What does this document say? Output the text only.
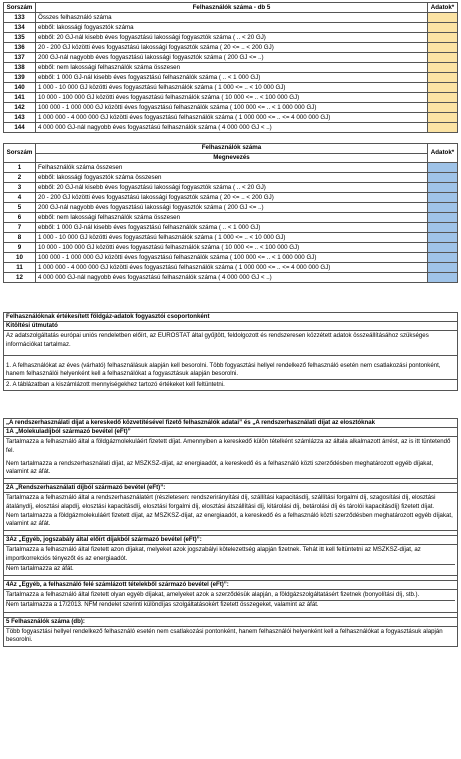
Sorszám	Felhasználók száma - db 5	Adatok*
133	Összes felhasználó száma	
134	ebből: lakossági fogyasztók száma	
135	ebből: 20 GJ-nál kisebb éves fogyasztású lakossági fogyasztók száma ( .. < 20 GJ)	
136	20 - 200 GJ közötti éves fogyasztású lakossági fogyasztók száma ( 20 <= .. < 200 GJ)	
137	200 GJ-nál nagyobb éves fogyasztású lakossági fogyasztók száma ( 200 GJ <= ..)	
138	ebből: nem lakossági felhasználók száma összesen	
139	ebből: 1 000 GJ-nál kisebb éves fogyasztású felhasználók száma ( .. < 1 000 GJ)	
140	1 000 - 10 000 GJ közötti éves fogyasztású felhasználók száma ( 1 000 <= .. < 10 000 GJ)	
141	10 000 - 100 000 GJ közötti éves fogyasztású felhasználók száma ( 10 000 <= .. < 100 000 GJ)	
142	100 000 - 1 000 000 GJ közötti éves fogyasztású felhasználók száma ( 100 000 <= .. < 1 000 000 GJ)	
143	1 000 000 - 4 000 000 GJ közötti éves fogyasztású felhasználók száma ( 1 000 000 <= .. <= 4 000 000 GJ)	
144	4 000 000 GJ-nál nagyobb éves fogyasztású felhasználók száma ( 4 000 000 GJ < ..)	
Sorszám	Felhasználók száma	Adatok*
	Megnevezés	
1	Felhasználók száma összesen	
2	ebből: lakossági fogyasztók száma összesen	
3	ebből: 20 GJ-nál kisebb éves fogyasztású lakossági fogyasztók száma ( .. < 20 GJ)	
4	20 - 200 GJ közötti éves fogyasztású lakossági fogyasztók száma ( 20 <= .. < 200 GJ)	
5	200 GJ-nál nagyobb éves fogyasztású lakossági fogyasztók száma ( 200 GJ <= ..)	
6	ebből: nem lakossági felhasználók száma összesen	
7	ebből: 1 000 GJ-nál kisebb éves fogyasztású felhasználók száma ( .. < 1 000 GJ)	
8	1 000 - 10 000 GJ közötti éves fogyasztású felhasználók száma ( 1 000 <= .. < 10 000 GJ)	
9	10 000 - 100 000 GJ közötti éves fogyasztású felhasználók száma ( 10 000 <= .. < 100 000 GJ)	
10	100 000 - 1 000 000 GJ közötti éves fogyasztású felhasználók száma ( 100 000 <= .. < 1 000 000 GJ)	
11	1 000 000 - 4 000 000 GJ közötti éves fogyasztású felhasználók száma ( 1 000 000 <= .. <= 4 000 000 GJ)	
12	4 000 000 GJ-nál nagyobb éves fogyasztású felhasználók száma ( 4 000 000 GJ < ..)	
Felhasználóknak értékesített földgáz-adatok fogyasztói csoportonként
Kitöltési útmutató
Az adatszolgáltatás európai uniós rendeletben előírt, az EUROSTAT által gyűjtött, feldolgozott és rendszeresen közzétett adatok összeállításához szükséges információkat tartalmaz.
1. A felhasználókat az éves (várható) felhasználásuk alapján kell besorolni. Több fogyasztási hellyel rendelkező felhasználó esetén nem csatlakozási pontonként, hanem felhasználói helyenként kell a felhasználókat a fogyasztásuk alapján besorolni.
2. A táblázatban a kiszámlázott mennyiségekhez tartozó értékeket kell feltüntetni.
„A rendszerhasználati díjat a kereskedő közvetítésével fizető felhasználók adatai” és „A rendszerhasználati díjat az elosztóknak
1A „Molekuladíjból származó bevétel (eFt)”
Tartalmazza a felhasználó által a földgázmolekuláért fizetett díjat. Amennyiben a kereskedő külön tételként számlázza az általa alkalmazott árrést, az is itt tüntetendő fel.
Nem tartalmazza a rendszerhasználati díjat, az MSZKSZ-díjat, az energiaadót, a kereskedő és a felhasználó közti szerződésben meghatározott egyéb díjakat, valamint az áfát.
2A „Rendszerhasználati díjból származó bevétel (eFt)”:
Tartalmazza a felhasználó által a rendszerhasználatért (részletesen: rendszerirányítási díj, szállítási kapacitásdíj, szállítási forgalmi díj, szagosítási díj, elosztási átalánydíj, elosztási alapdíj, elosztási kapacitásdíj, elosztási forgalmi díj, elosztási átszállítási díj, kitárolási díj, betárolási díj és tárolói kapacitásdíj) fizetett díjat.
Nem tartalmazza a földgázmolekuláért fizetett díjat, az MSZKSZ-díjat, az energiaadót, a kereskedő és a felhasználó közti szerződésben meghatározott egyéb díjakat, valamint az áfát.
3Az „Egyéb, jogszabály által előírt díjakból származó bevétel (eFt)”:
Tartalmazza a felhasználó által fizetett azon díjakat, melyeket azok jogszabályi kötelezettség alapján fizetnek. Tehát itt kell feltüntetni az MSZKSZ-díjat, az importkorrekciós tényezőt és az energiaadót.
Nem tartalmazza az áfát.
4Az „Egyéb, a felhasználó felé számlázott tételekből származó bevétel (eFt)”:
Tartalmazza a felhasználó által fizetett olyan egyéb díjakat, amelyeket azok a szerződésük alapján, a földgázszolgáltatásért fizetnek (bonyolítási díj, stb.).
Nem tartalmazza a 17/2013. NFM rendelet szerinti különdíjas szolgáltatásokért fizetett összegeket, valamint az áfát.
5 Felhasználók száma (db):
Több fogyasztási hellyel rendelkező felhasználó esetén nem csatlakozási pontonként, hanem felhasználói helyenként kell a felhasználókat a fogyasztásuk alapján besorolni.
